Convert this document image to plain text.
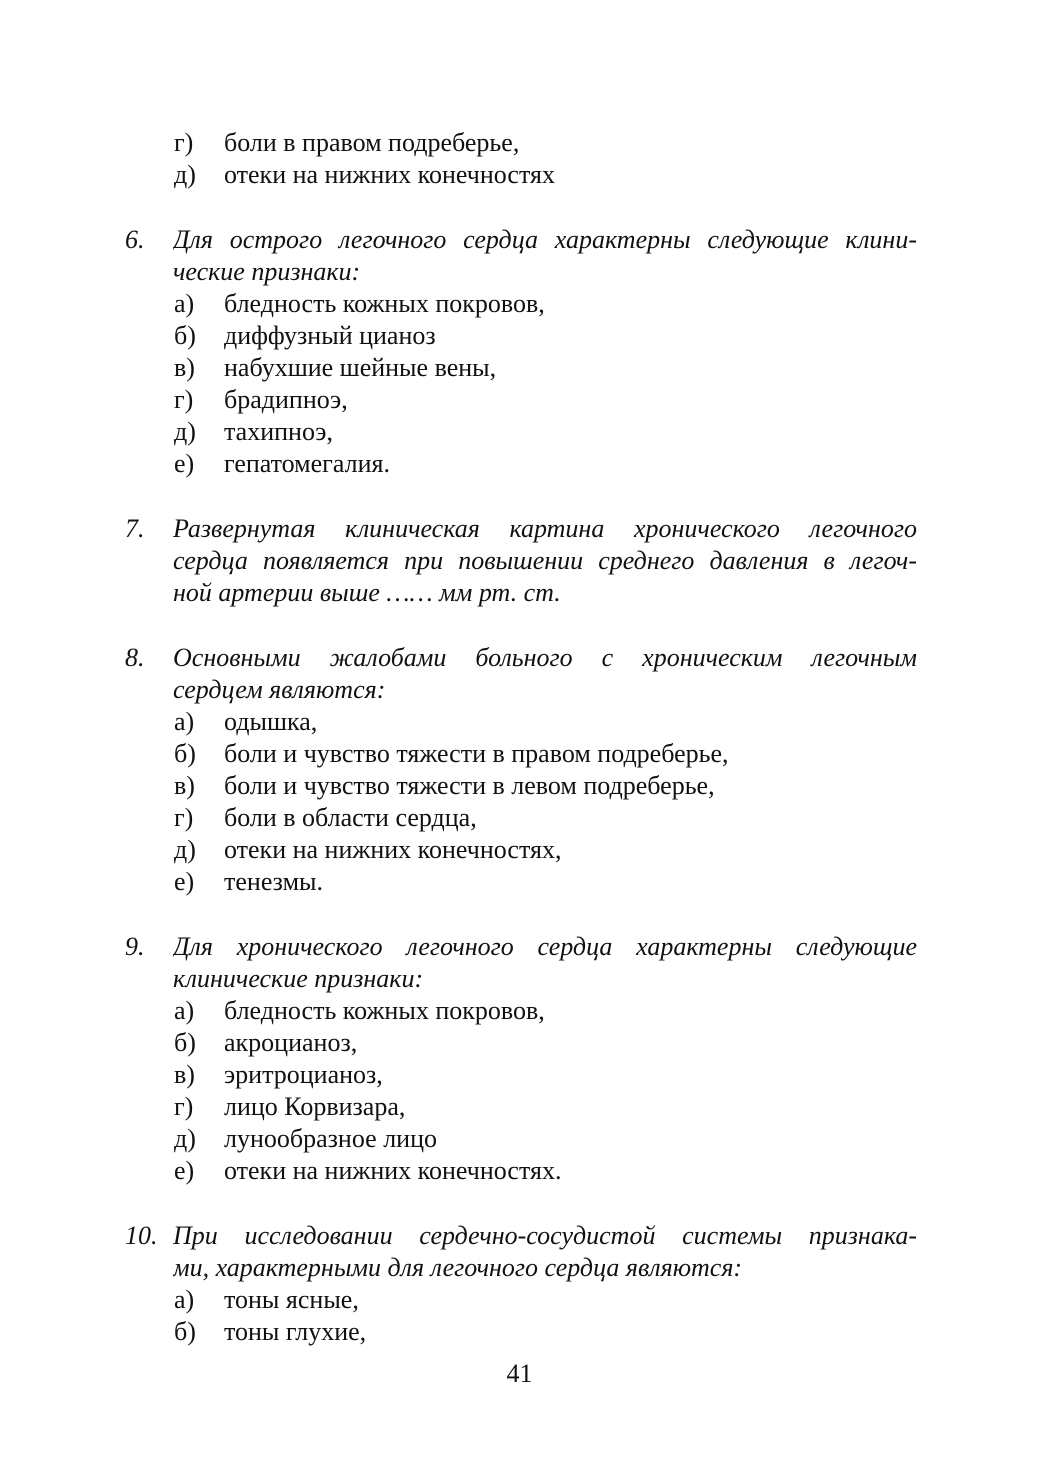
г) боли в правом подреберье,
д) отеки на нижних конечностях
6. Для острого легочного сердца характерны следующие клини-
ческие признаки:
а) бледность кожных покровов,
б) диффузный цианоз
в) набухшие шейные вены,
г) брадипноэ,
д) тахипноэ,
е) гепатомегалия.
7. Развернутая клиническая картина хронического легочного
сердца появляется при повышении среднего давления в легоч-
ной артерии выше …… мм рт. ст.
8. Основными жалобами больного с хроническим легочным
сердцем являются:
а) одышка,
б) боли и чувство тяжести в правом подреберье,
в) боли и чувство тяжести в левом подреберье,
г) боли в области сердца,
д) отеки на нижних конечностях,
е) тенезмы.
9. Для хронического легочного сердца характерны следующие
клинические признаки:
а) бледность кожных покровов,
б) акроцианоз,
в) эритроцианоз,
г) лицо Корвизара,
д) лунообразное лицо
е) отеки на нижних конечностях.
10. При исследовании сердечно-сосудистой системы признака-
ми, характерными для легочного сердца являются:
а) тоны ясные,
б) тоны глухие,
41
